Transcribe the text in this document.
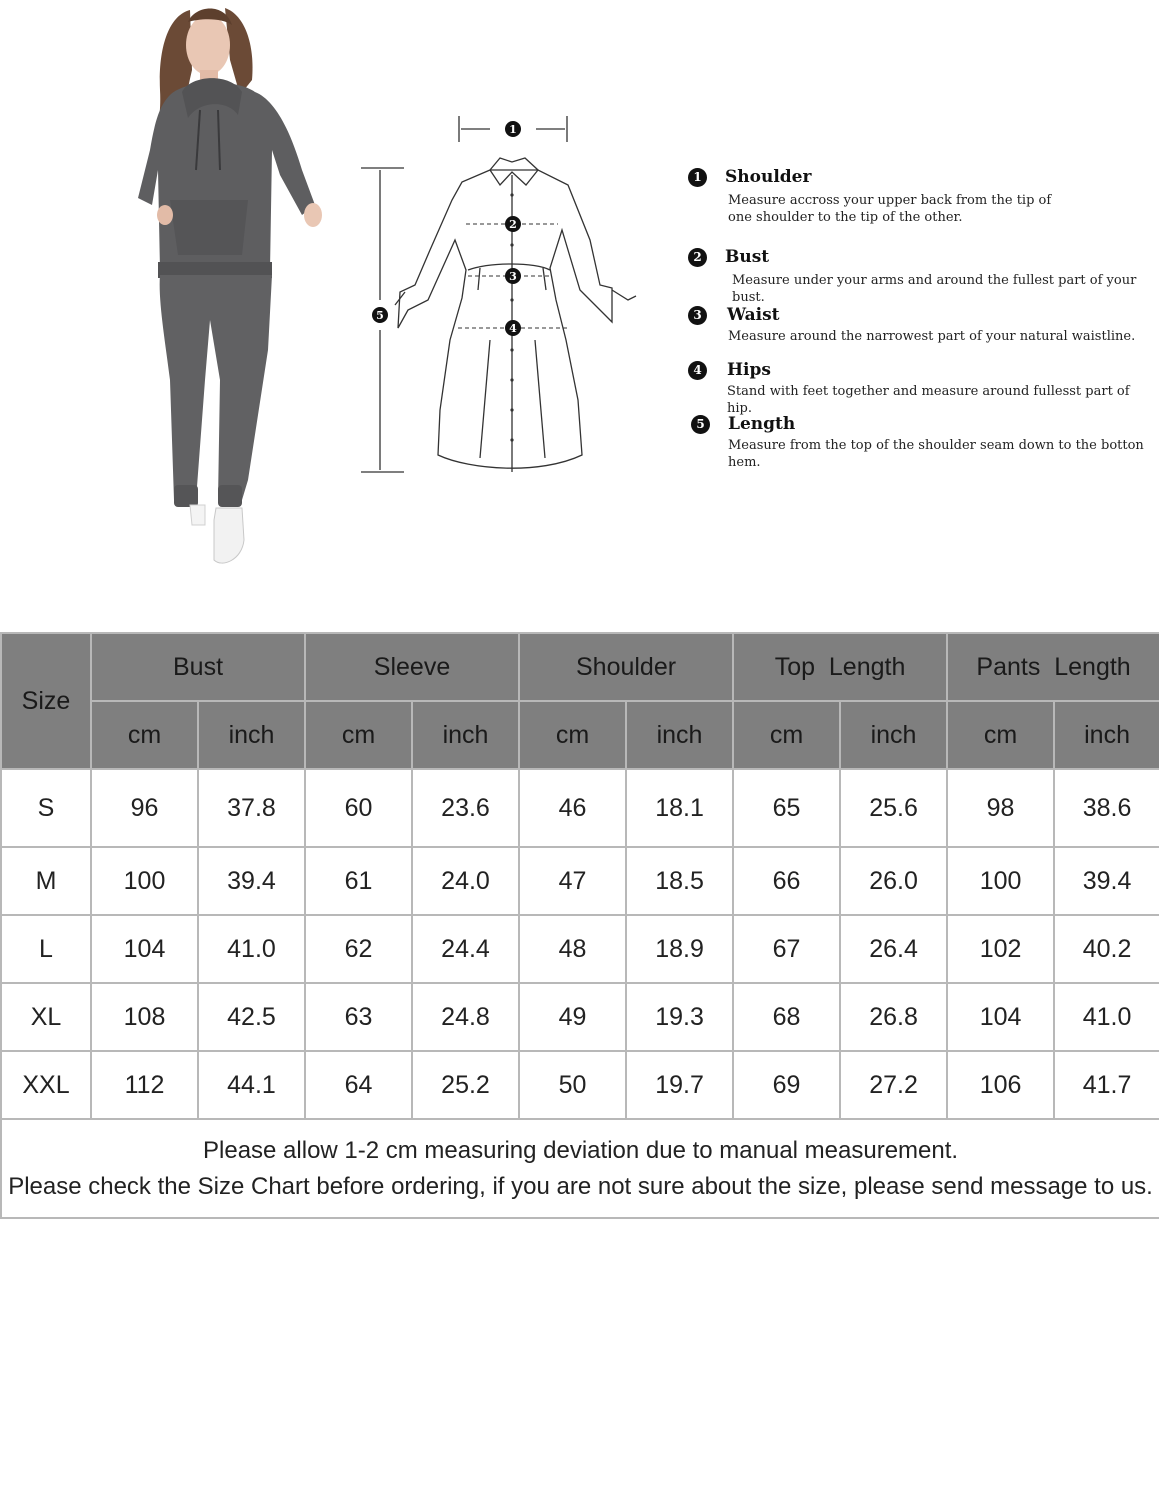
1
2
3
4
5
1	Shoulder
Measure accross your upper back from the tip of
one shoulder to the tip of the other.
2	Bust
Measure under your arms and around the fullest part of your bust.
3	Waist
Measure around the narrowest part of your natural waistline.
4	Hips
Stand with feet together and measure around fullesst part of hip.
5	Length
Measure from the top of the shoulder seam down to the botton hem.
Size	Bust		Sleeve		Shoulder		Top  Length		Pants  Length	
	cm	inch	cm	inch	cm	inch	cm	inch	cm	inch
S	96	37.8	60	23.6	46	18.1	65	25.6	98	38.6
M	100	39.4	61	24.0	47	18.5	66	26.0	100	39.4
L	104	41.0	62	24.4	48	18.9	67	26.4	102	40.2
XL	108	42.5	63	24.8	49	19.3	68	26.8	104	41.0
XXL	112	44.1	64	25.2	50	19.7	69	27.2	106	41.7

Please allow 1-2 cm measuring deviation due to manual measurement.
Please check the Size Chart before ordering, if you are not sure about the size, please send message to us.										
